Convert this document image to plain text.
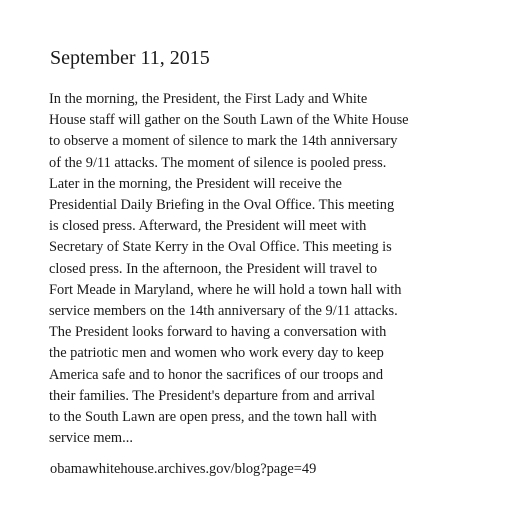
September 11, 2015
In the morning, the President, the First Lady and White
House staff will gather on the South Lawn of the White House
to observe a moment of silence to mark the 14th anniversary
of the 9/11 attacks. The moment of silence is pooled press.
Later in the morning, the President will receive the
Presidential Daily Briefing in the Oval Office. This meeting
is closed press. Afterward, the President will meet with
Secretary of State Kerry in the Oval Office. This meeting is
closed press. In the afternoon, the President will travel to
Fort Meade in Maryland, where he will hold a town hall with
service members on the 14th anniversary of the 9/11 attacks.
The President looks forward to having a conversation with
the patriotic men and women who work every day to keep
America safe and to honor the sacrifices of our troops and
their families. The President's departure from and arrival
to the South Lawn are open press, and the town hall with
service mem...
obamawhitehouse.archives.gov/blog?page=49
